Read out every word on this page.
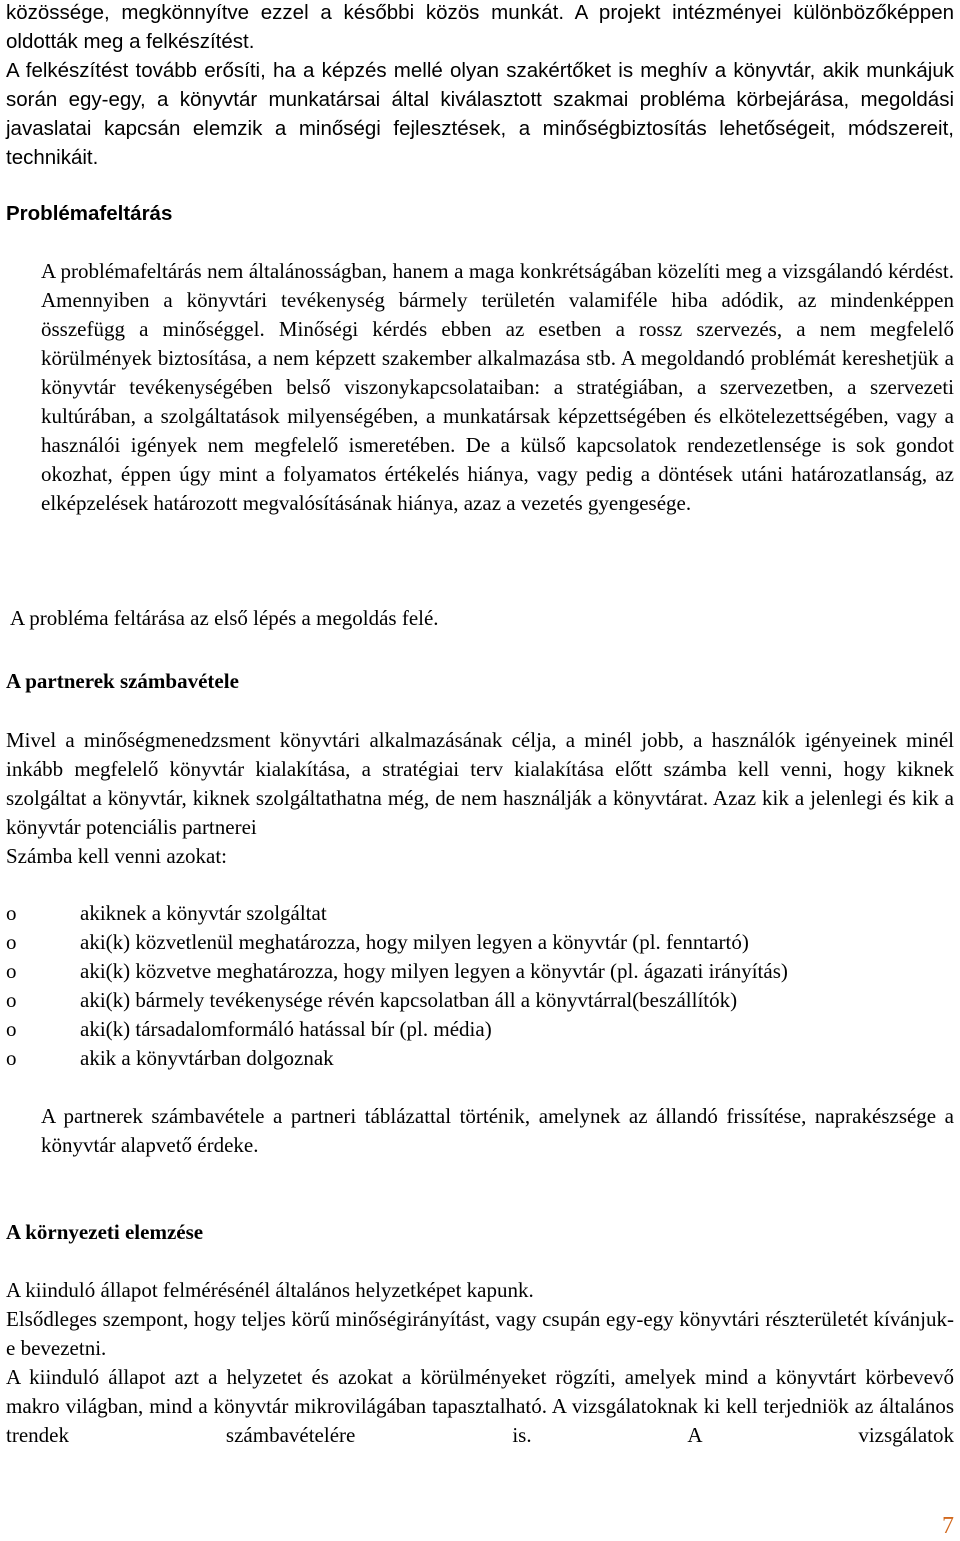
közössége, megkönnyítve ezzel a későbbi közös munkát. A projekt intézményei különbözőképpen oldották meg a felkészítést.

A felkészítést tovább erősíti, ha a képzés mellé olyan szakértőket is meghív a könyvtár, akik munkájuk során egy-egy, a könyvtár munkatársai által kiválasztott szakmai probléma körbejárása, megoldási javaslatai kapcsán elemzik a minőségi fejlesztések, a minőségbiztosítás lehetőségeit, módszereit, technikáit.

Problémafeltárás

A problémafeltárás nem általánosságban, hanem a maga konkrétságában közelíti meg a vizsgálandó kérdést. Amennyiben a könyvtári tevékenység bármely területén valamiféle hiba adódik, az mindenképpen összefügg a minőséggel. Minőségi kérdés ebben az esetben a rossz szervezés, a nem megfelelő körülmények biztosítása, a nem képzett szakember alkalmazása stb. A megoldandó problémát kereshetjük a könyvtár tevékenységében belső viszonykapcsolataiban: a stratégiában, a szervezetben, a szervezeti kultúrában, a szolgáltatások milyenségében, a munkatársak képzettségében és elkötelezettségében, vagy a használói igények nem megfelelő ismeretében. De a külső kapcsolatok rendezetlensége is sok gondot okozhat, éppen úgy mint a folyamatos értékelés hiánya, vagy pedig a döntések utáni határozatlanság, az elképzelések határozott megvalósításának hiánya, azaz a vezetés gyengesége.

A probléma feltárása az első lépés a megoldás felé.

A partnerek számbavétele

Mivel a minőségmenedzsment könyvtári alkalmazásának célja, a minél jobb, a használók igényeinek minél inkább megfelelő könyvtár kialakítása, a stratégiai terv kialakítása előtt számba kell venni, hogy kiknek szolgáltat a könyvtár, kiknek szolgáltathatna még, de nem használják a könyvtárat. Azaz kik a jelenlegi és kik a könyvtár potenciális partnerei

Számba kell venni azokat:

o	akiknek a könyvtár szolgáltat
o	aki(k) közvetlenül meghatározza, hogy milyen legyen a könyvtár (pl. fenntartó)
o	aki(k) közvetve meghatározza, hogy milyen legyen a könyvtár (pl. ágazati irányítás)
o	aki(k) bármely tevékenysége révén kapcsolatban áll a könyvtárral(beszállítók)
o	aki(k) társadalomformáló hatással bír (pl. média)
o	akik a könyvtárban dolgoznak

A partnerek számbavétele a partneri táblázattal történik, amelynek az állandó frissítése, naprakészsége a könyvtár alapvető érdeke.

A környezeti elemzése

A kiinduló állapot felmérésénél általános helyzetképet kapunk.

Elsődleges szempont, hogy teljes körű minőségirányítást, vagy csupán egy-egy könyvtári részterületét kívánjuk-e bevezetni.

A kiinduló állapot azt a helyzetet és azokat a körülményeket rögzíti, amelyek mind a könyvtárt körbevevő makro világban, mind a könyvtár mikrovilágában tapasztalható. A vizsgálatoknak ki kell terjedniök az általános trendek számbavételére is. A vizsgálatok

7
